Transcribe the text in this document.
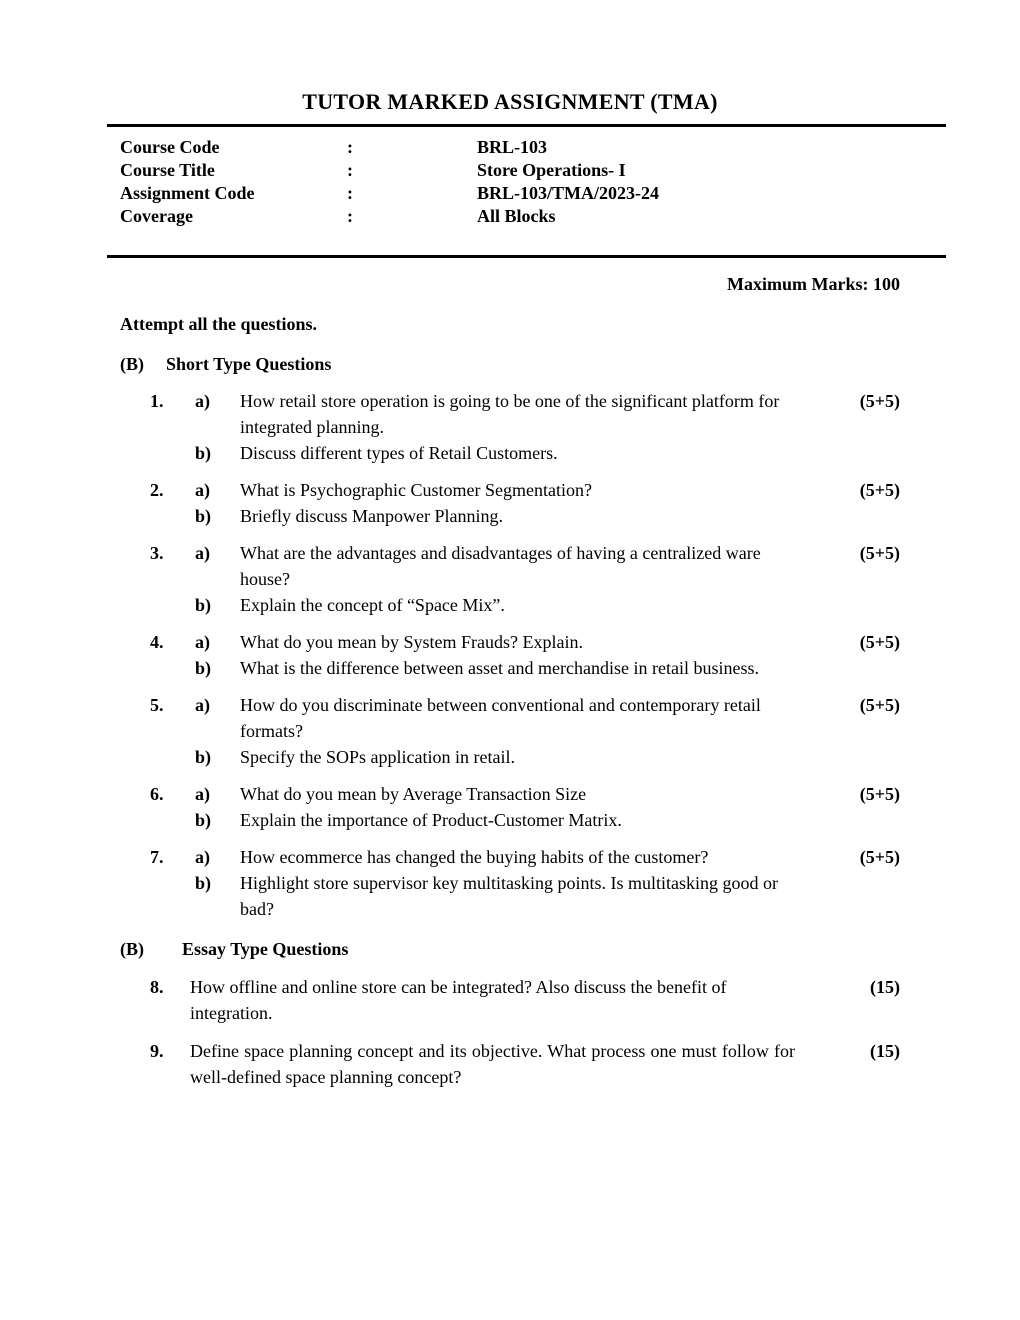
TUTOR MARKED ASSIGNMENT (TMA)
Course Code	:	BRL-103
Course Title	:	Store Operations- I
Assignment Code	:	BRL-103/TMA/2023-24
Coverage	:	All Blocks
Maximum Marks: 100
Attempt all the questions.
(B)	Short Type Questions
1.	a)	How retail store operation is going to be one of the significant platform for integrated planning.
b)	Discuss different types of Retail Customers.
(5+5)
2.	a)	What is Psychographic Customer Segmentation?
b)	Briefly discuss Manpower Planning.
(5+5)
3.	a)	What are the advantages and disadvantages of having a centralized ware house?
b)	Explain the concept of “Space Mix”.
(5+5)
4.	a)	What do you mean by System Frauds? Explain.
b)	What is the difference between asset and merchandise in retail business.
(5+5)
5.	a)	How do you discriminate between conventional and contemporary retail formats?
b)	Specify the SOPs application in retail.
(5+5)
6.	a)	What do you mean by Average Transaction Size
b)	Explain the importance of Product-Customer Matrix.
(5+5)
7.	a)	How ecommerce has changed the buying habits of the customer?
b)	Highlight store supervisor key multitasking points. Is multitasking good or bad?
(5+5)
(B)	Essay Type Questions
8.	How offline and online store can be integrated? Also discuss the benefit of integration.
(15)
9.	Define space planning concept and its objective. What process one must follow for well-defined space planning concept?
(15)
